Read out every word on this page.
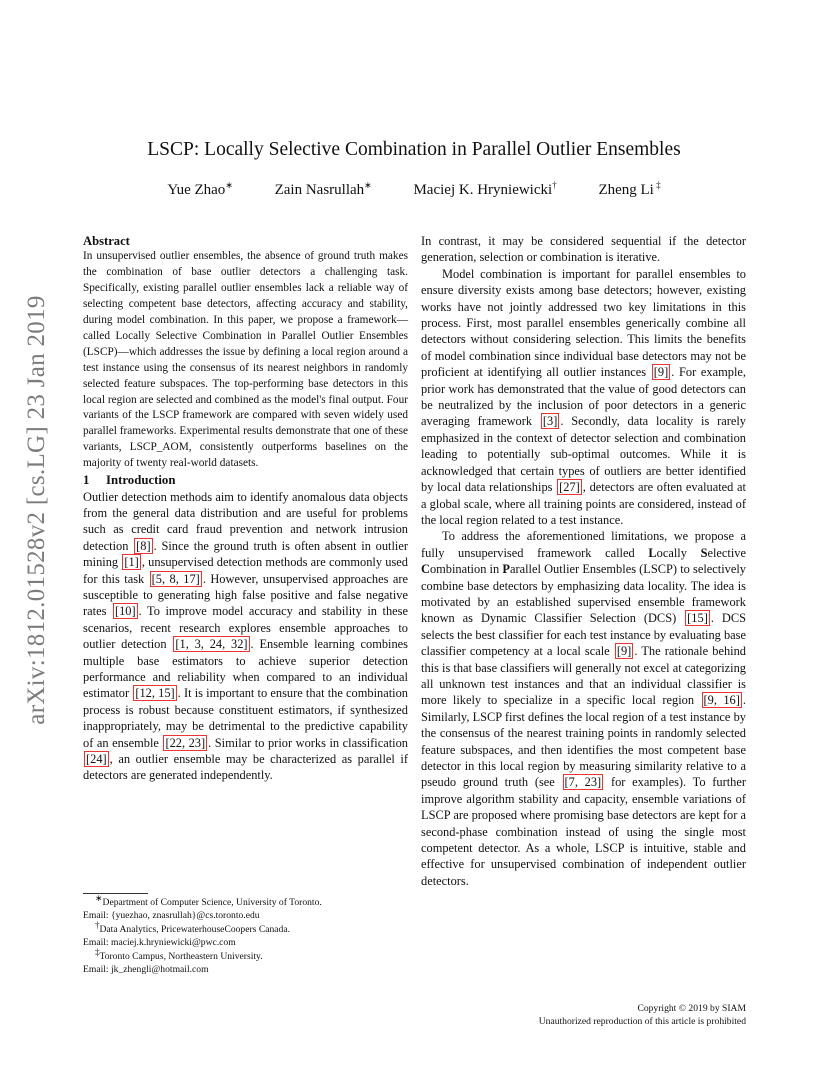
arXiv:1812.01528v2 [cs.LG] 23 Jan 2019
LSCP: Locally Selective Combination in Parallel Outlier Ensembles
Yue Zhao∗	Zain Nasrullah∗	Maciej K. Hryniewicki†	Zheng Li ‡

Abstract

In unsupervised outlier ensembles, the absence of ground truth makes the combination of base outlier detectors a challenging task. Specifically, existing parallel outlier ensembles lack a reliable way of selecting competent base detectors, affecting accuracy and stability, during model combination. In this paper, we propose a framework—called Locally Selective Combination in Parallel Outlier Ensembles (LSCP)—which addresses the issue by defining a local region around a test instance using the consensus of its nearest neighbors in randomly selected feature subspaces. The top-performing base detectors in this local region are selected and combined as the model's final output. Four variants of the LSCP framework are compared with seven widely used parallel frameworks. Experimental results demonstrate that one of these variants, LSCP_AOM, consistently outperforms baselines on the majority of twenty real-world datasets.

1 Introduction

Outlier detection methods aim to identify anomalous data objects from the general data distribution and are useful for problems such as credit card fraud prevention and network intrusion detection [8] . Since the ground truth is often absent in outlier mining [1] , unsupervised detection methods are commonly used for this task [5, 8, 17] . However, unsupervised approaches are susceptible to generating high false positive and false negative rates [10] . To improve model accuracy and stability in these scenarios, recent research explores ensemble approaches to outlier detection [1, 3, 24, 32] . Ensemble learning combines multiple base estimators to achieve superior detection performance and reliability when compared to an individual estimator [12, 15] . It is important to ensure that the combination process is robust because constituent estimators, if synthesized inappropriately, may be detrimental to the predictive capability of an ensemble [22, 23] . Similar to prior works in classification [24] , an outlier ensemble may be characterized as parallel if detectors are generated independently.

∗Department of Computer Science, University of Toronto.

Email: {yuezhao, znasrullah}@cs.toronto.edu

†Data Analytics, PricewaterhouseCoopers Canada.

Email: maciej.k.hryniewicki@pwc.com

‡Toronto Campus, Northeastern University.

Email: jk_zhengli@hotmail.com

In contrast, it may be considered sequential if the detector generation, selection or combination is iterative.

Model combination is important for parallel ensembles to ensure diversity exists among base detectors; however, existing works have not jointly addressed two key limitations in this process. First, most parallel ensembles generically combine all detectors without considering selection. This limits the benefits of model combination since individual base detectors may not be proficient at identifying all outlier instances [9] . For example, prior work has demonstrated that the value of good detectors can be neutralized by the inclusion of poor detectors in a generic averaging framework [3] . Secondly, data locality is rarely emphasized in the context of detector selection and combination leading to potentially sub-optimal outcomes. While it is acknowledged that certain types of outliers are better identified by local data relationships [27] , detectors are often evaluated at a global scale, where all training points are considered, instead of the local region related to a test instance.

To address the aforementioned limitations, we propose a fully unsupervised framework called Locally Selective Combination in Parallel Outlier Ensembles (LSCP) to selectively combine base detectors by emphasizing data locality. The idea is motivated by an established supervised ensemble framework known as Dynamic Classifier Selection (DCS) [15] . DCS selects the best classifier for each test instance by evaluating base classifier competency at a local scale [9] . The rationale behind this is that base classifiers will generally not excel at categorizing all unknown test instances and that an individual classifier is more likely to specialize in a specific local region [9, 16] . Similarly, LSCP first defines the local region of a test instance by the consensus of the nearest training points in randomly selected feature subspaces, and then identifies the most competent base detector in this local region by measuring similarity relative to a pseudo ground truth (see [7, 23] for examples). To further improve algorithm stability and capacity, ensemble variations of LSCP are proposed where promising base detectors are kept for a second-phase combination instead of using the single most competent detector. As a whole, LSCP is intuitive, stable and effective for unsupervised combination of independent outlier detectors.

Copyright © 2019 by SIAM
Unauthorized reproduction of this article is prohibited
